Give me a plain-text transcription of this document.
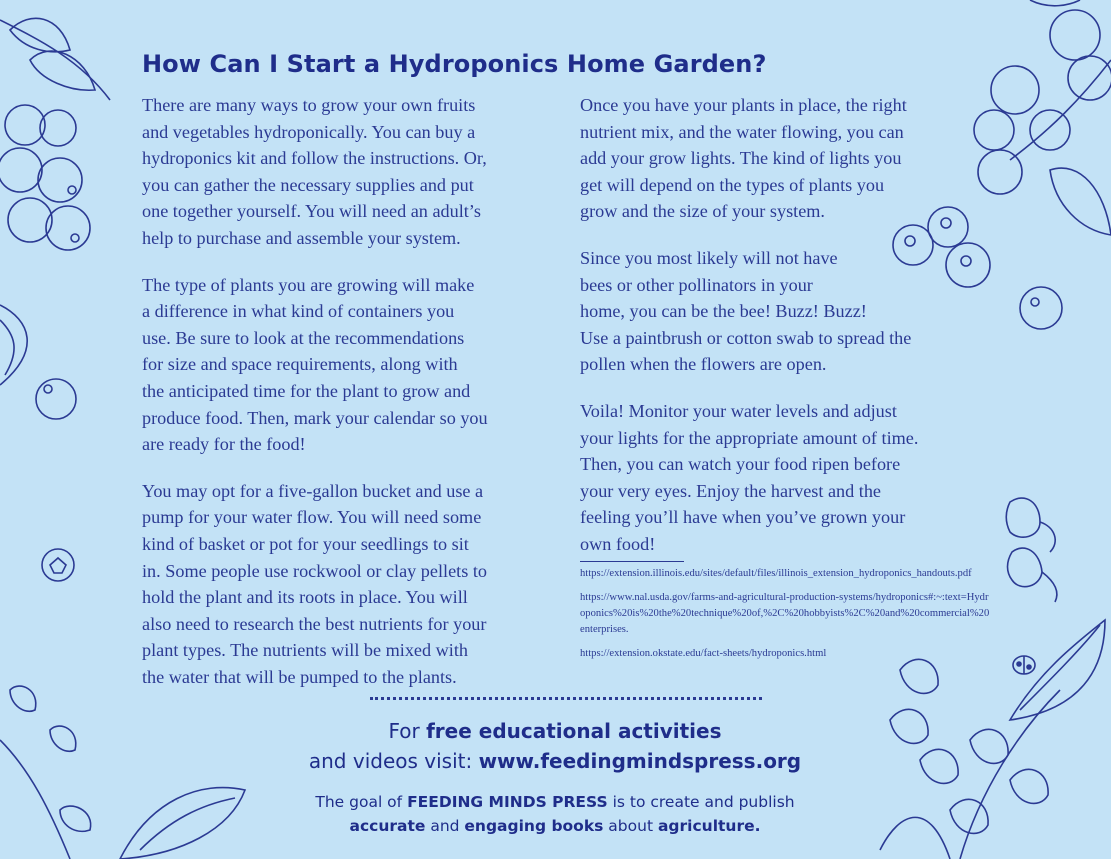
How Can I Start a Hydroponics Home Garden?

There are many ways to grow your own fruits
and vegetables hydroponically. You can buy a
hydroponics kit and follow the instructions. Or,
you can gather the necessary supplies and put
one together yourself. You will need an adult’s
help to purchase and assemble your system.

The type of plants you are growing will make
a difference in what kind of containers you
use. Be sure to look at the recommendations
for size and space requirements, along with
the anticipated time for the plant to grow and
produce food. Then, mark your calendar so you
are ready for the food!

You may opt for a five-gallon bucket and use a
pump for your water flow. You will need some
kind of basket or pot for your seedlings to sit
in. Some people use rockwool or clay pellets to
hold the plant and its roots in place. You will
also need to research the best nutrients for your
plant types. The nutrients will be mixed with
the water that will be pumped to the plants.

Once you have your plants in place, the right
nutrient mix, and the water flowing, you can
add your grow lights. The kind of lights you
get will depend on the types of plants you
grow and the size of your system.

Since you most likely will not have
bees or other pollinators in your
home, you can be the bee! Buzz! Buzz!
Use a paintbrush or cotton swab to spread the
pollen when the flowers are open.

Voila! Monitor your water levels and adjust
your lights for the appropriate amount of time.
Then, you can watch your food ripen before
your very eyes. Enjoy the harvest and the
feeling you’ll have when you’ve grown your
own food!

https://extension.illinois.edu/sites/default/files/illinois_extension_hydroponics_handouts.pdf
https://www.nal.usda.gov/farms-and-agricultural-production-systems/hydroponics#:~:text=Hydroponics%20is%20the%20technique%20of,%2C%20hobbyists%2C%20and%20commercial%20enterprises.
https://extension.okstate.edu/fact-sheets/hydroponics.html
For free educational activities
and videos visit: www.feedingmindspress.org
The goal of FEEDING MINDS PRESS is to create and publish
accurate and engaging books about agriculture.
